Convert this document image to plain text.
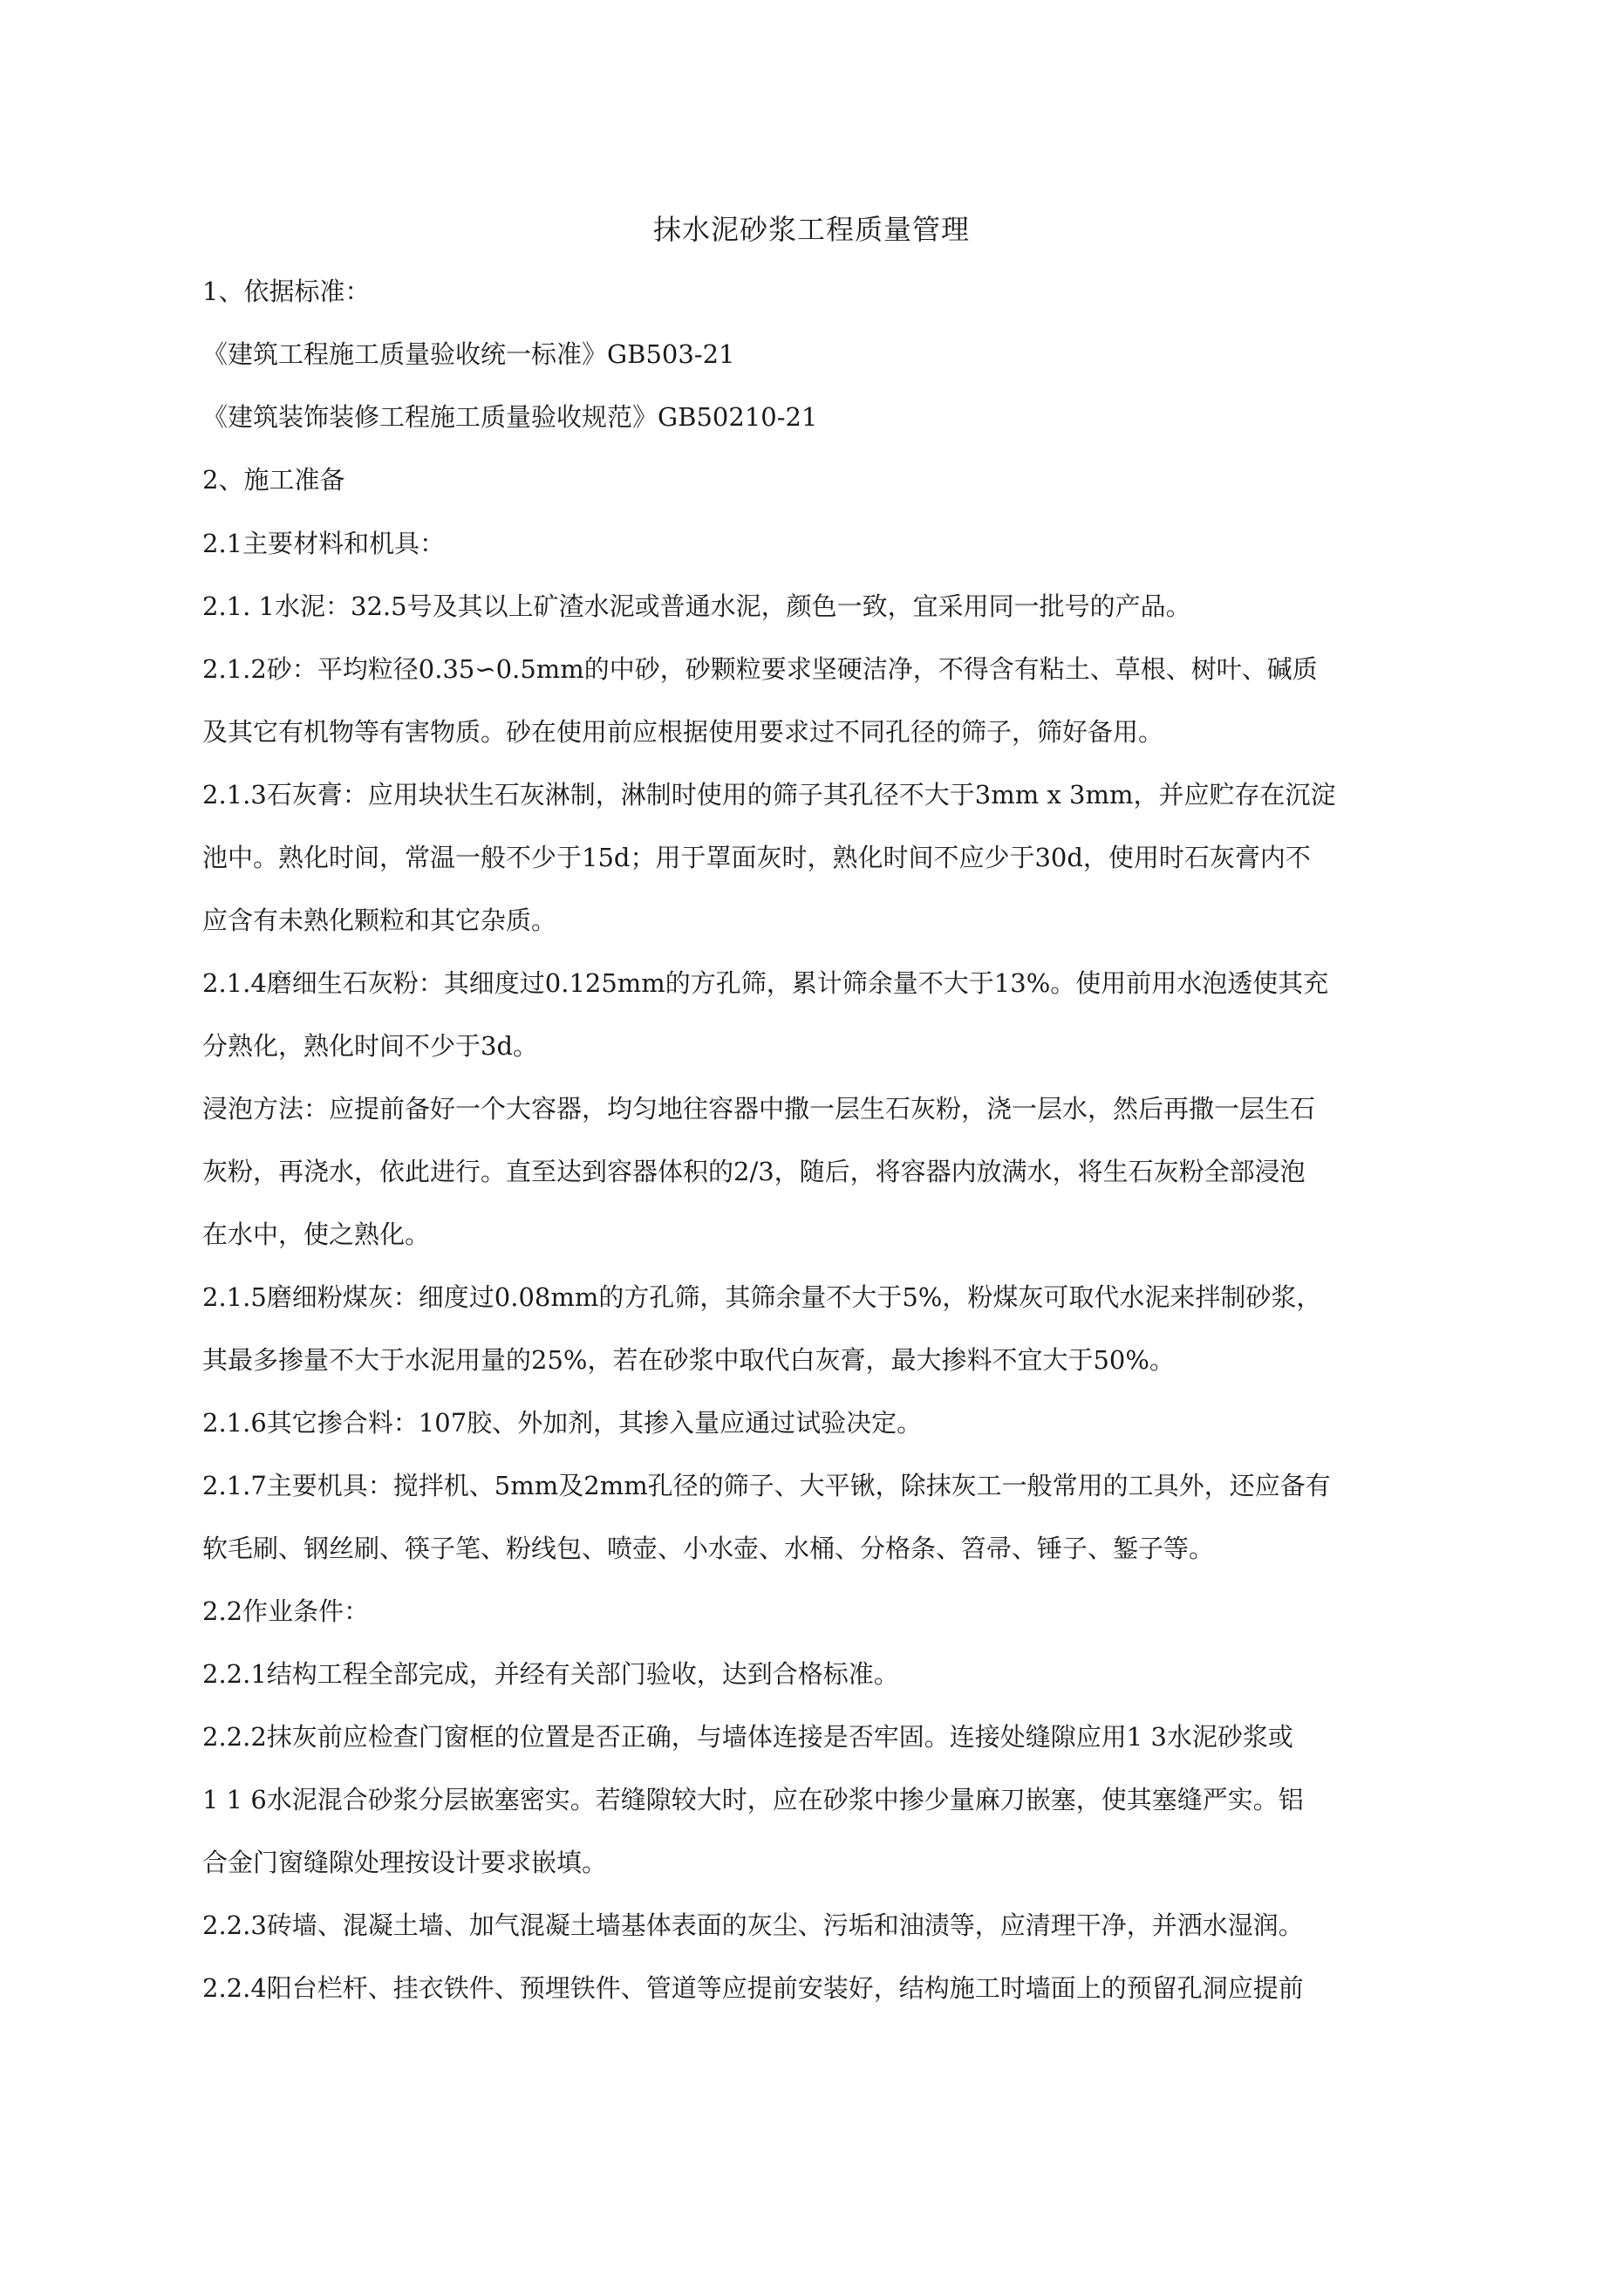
抹水泥砂浆工程质量管理

1、依据标准：

《建筑工程施工质量验收统一标准》GB503-21

《建筑装饰装修工程施工质量验收规范》GB50210-21

2、施工准备

2.1主要材料和机具：

2.1. 1水泥：32.5号及其以上矿渣水泥或普通水泥，颜色一致，宜采用同一批号的产品。

2.1.2砂：平均粒径0.35∽0.5mm的中砂，砂颗粒要求坚硬洁净，不得含有粘土、草根、树叶、碱质

及其它有机物等有害物质。砂在使用前应根据使用要求过不同孔径的筛子，筛好备用。

2.1.3石灰膏：应用块状生石灰淋制，淋制时使用的筛子其孔径不大于3mm x 3mm，并应贮存在沉淀

池中。熟化时间，常温一般不少于15d；用于罩面灰时，熟化时间不应少于30d，使用时石灰膏内不

应含有未熟化颗粒和其它杂质。

2.1.4磨细生石灰粉：其细度过0.125mm的方孔筛，累计筛余量不大于13%。使用前用水泡透使其充

分熟化，熟化时间不少于3d。

浸泡方法：应提前备好一个大容器，均匀地往容器中撒一层生石灰粉，浇一层水，然后再撒一层生石

灰粉，再浇水，依此进行。直至达到容器体积的2/3，随后，将容器内放满水，将生石灰粉全部浸泡

在水中，使之熟化。

2.1.5磨细粉煤灰：细度过0.08mm的方孔筛，其筛余量不大于5%，粉煤灰可取代水泥来拌制砂浆，

其最多掺量不大于水泥用量的25%，若在砂浆中取代白灰膏，最大掺料不宜大于50%。

2.1.6其它掺合料：107胶、外加剂，其掺入量应通过试验决定。

2.1.7主要机具：搅拌机、5mm及2mm孔径的筛子、大平锹，除抹灰工一般常用的工具外，还应备有

软毛刷、钢丝刷、筷子笔、粉线包、喷壶、小水壶、水桶、分格条、笤帚、锤子、錾子等。

2.2作业条件：

2.2.1结构工程全部完成，并经有关部门验收，达到合格标准。

2.2.2抹灰前应检查门窗框的位置是否正确，与墙体连接是否牢固。连接处缝隙应用1 3水泥砂浆或

1 1 6水泥混合砂浆分层嵌塞密实。若缝隙较大时，应在砂浆中掺少量麻刀嵌塞，使其塞缝严实。铝

合金门窗缝隙处理按设计要求嵌填。

2.2.3砖墙、混凝土墙、加气混凝土墙基体表面的灰尘、污垢和油渍等，应清理干净，并洒水湿润。

2.2.4阳台栏杆、挂衣铁件、预埋铁件、管道等应提前安装好，结构施工时墙面上的预留孔洞应提前
